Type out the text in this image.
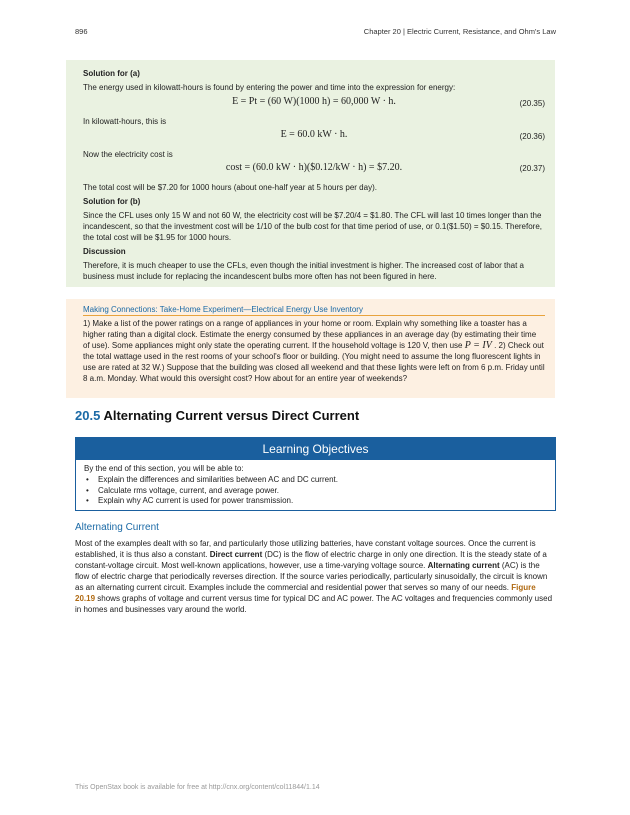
896	Chapter 20 | Electric Current, Resistance, and Ohm's Law
Solution for (a)
The energy used in kilowatt-hours is found by entering the power and time into the expression for energy:
E = Pt = (60 W)(1000 h) = 60,000 W · h.	(20.35)
In kilowatt-hours, this is
E = 60.0 kW · h.	(20.36)
Now the electricity cost is
cost = (60.0 kW · h)($0.12/kW · h) = $7.20.	(20.37)
The total cost will be $7.20 for 1000 hours (about one-half year at 5 hours per day).
Solution for (b)
Since the CFL uses only 15 W and not 60 W, the electricity cost will be $7.20/4 = $1.80. The CFL will last 10 times longer than the incandescent, so that the investment cost will be 1/10 of the bulb cost for that time period of use, or 0.1($1.50) = $0.15. Therefore, the total cost will be $1.95 for 1000 hours.
Discussion
Therefore, it is much cheaper to use the CFLs, even though the initial investment is higher. The increased cost of labor that a business must include for replacing the incandescent bulbs more often has not been figured in here.
Making Connections: Take-Home Experiment—Electrical Energy Use Inventory
1) Make a list of the power ratings on a range of appliances in your home or room. Explain why something like a toaster has a higher rating than a digital clock. Estimate the energy consumed by these appliances in an average day (by estimating their time of use). Some appliances might only state the operating current. If the household voltage is 120 V, then use P = IV . 2) Check out the total wattage used in the rest rooms of your school's floor or building. (You might need to assume the long fluorescent lights in use are rated at 32 W.) Suppose that the building was closed all weekend and that these lights were left on from 6 p.m. Friday until 8 a.m. Monday. What would this oversight cost? How about for an entire year of weekends?
20.5 Alternating Current versus Direct Current
Learning Objectives
By the end of this section, you will be able to:
• Explain the differences and similarities between AC and DC current.
• Calculate rms voltage, current, and average power.
• Explain why AC current is used for power transmission.
Alternating Current
Most of the examples dealt with so far, and particularly those utilizing batteries, have constant voltage sources. Once the current is established, it is thus also a constant. Direct current (DC) is the flow of electric charge in only one direction. It is the steady state of a constant-voltage circuit. Most well-known applications, however, use a time-varying voltage source. Alternating current (AC) is the flow of electric charge that periodically reverses direction. If the source varies periodically, particularly sinusoidally, the circuit is known as an alternating current circuit. Examples include the commercial and residential power that serves so many of our needs. Figure 20.19 shows graphs of voltage and current versus time for typical DC and AC power. The AC voltages and frequencies commonly used in homes and businesses vary around the world.
This OpenStax book is available for free at http://cnx.org/content/col11844/1.14
